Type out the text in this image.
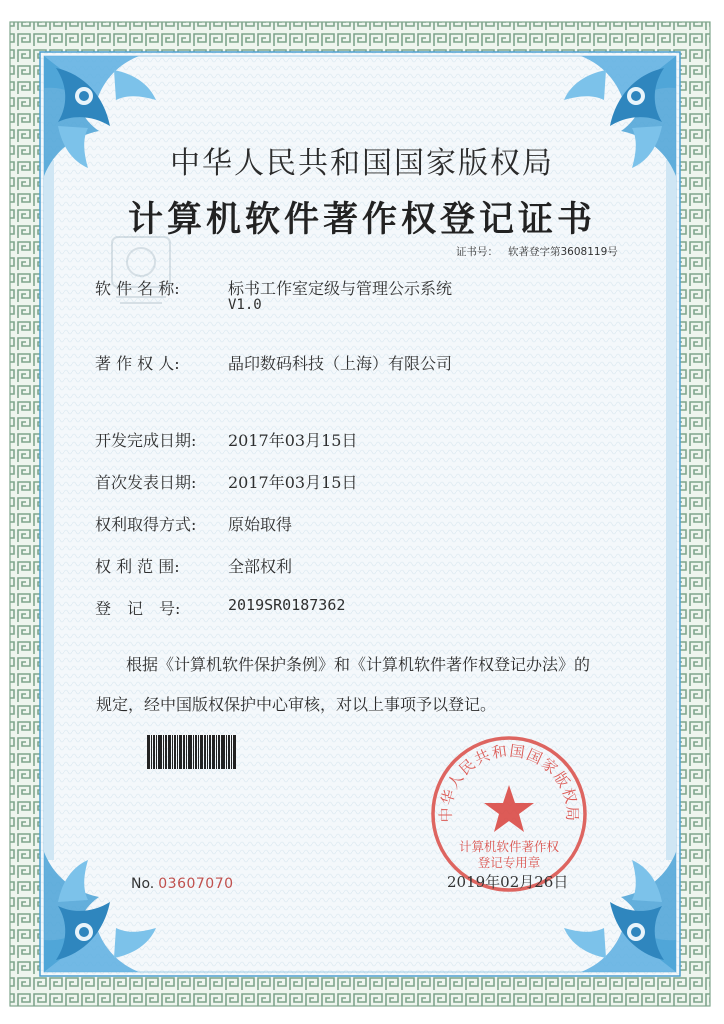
中华人民共和国国家版权局
计算机软件著作权登记证书
证书号： 软著登字第3608119号
软 件 名 称:	标书工作室定级与管理公示系统
V1.0
著 作 权 人:	晶印数码科技（上海）有限公司
开发完成日期: 2017年03月15日
首次发表日期: 2017年03月15日
权利取得方式: 原始取得
权 利 范 围:	全部权利
登　记　号:	2019SR0187362
根据《计算机软件保护条例》和《计算机软件著作权登记办法》的
规定，经中国版权保护中心审核，对以上事项予以登记。
中华人民共和国国家版权局
计算机软件著作权
登记专用章
No. 03607070	2019年02月26日
